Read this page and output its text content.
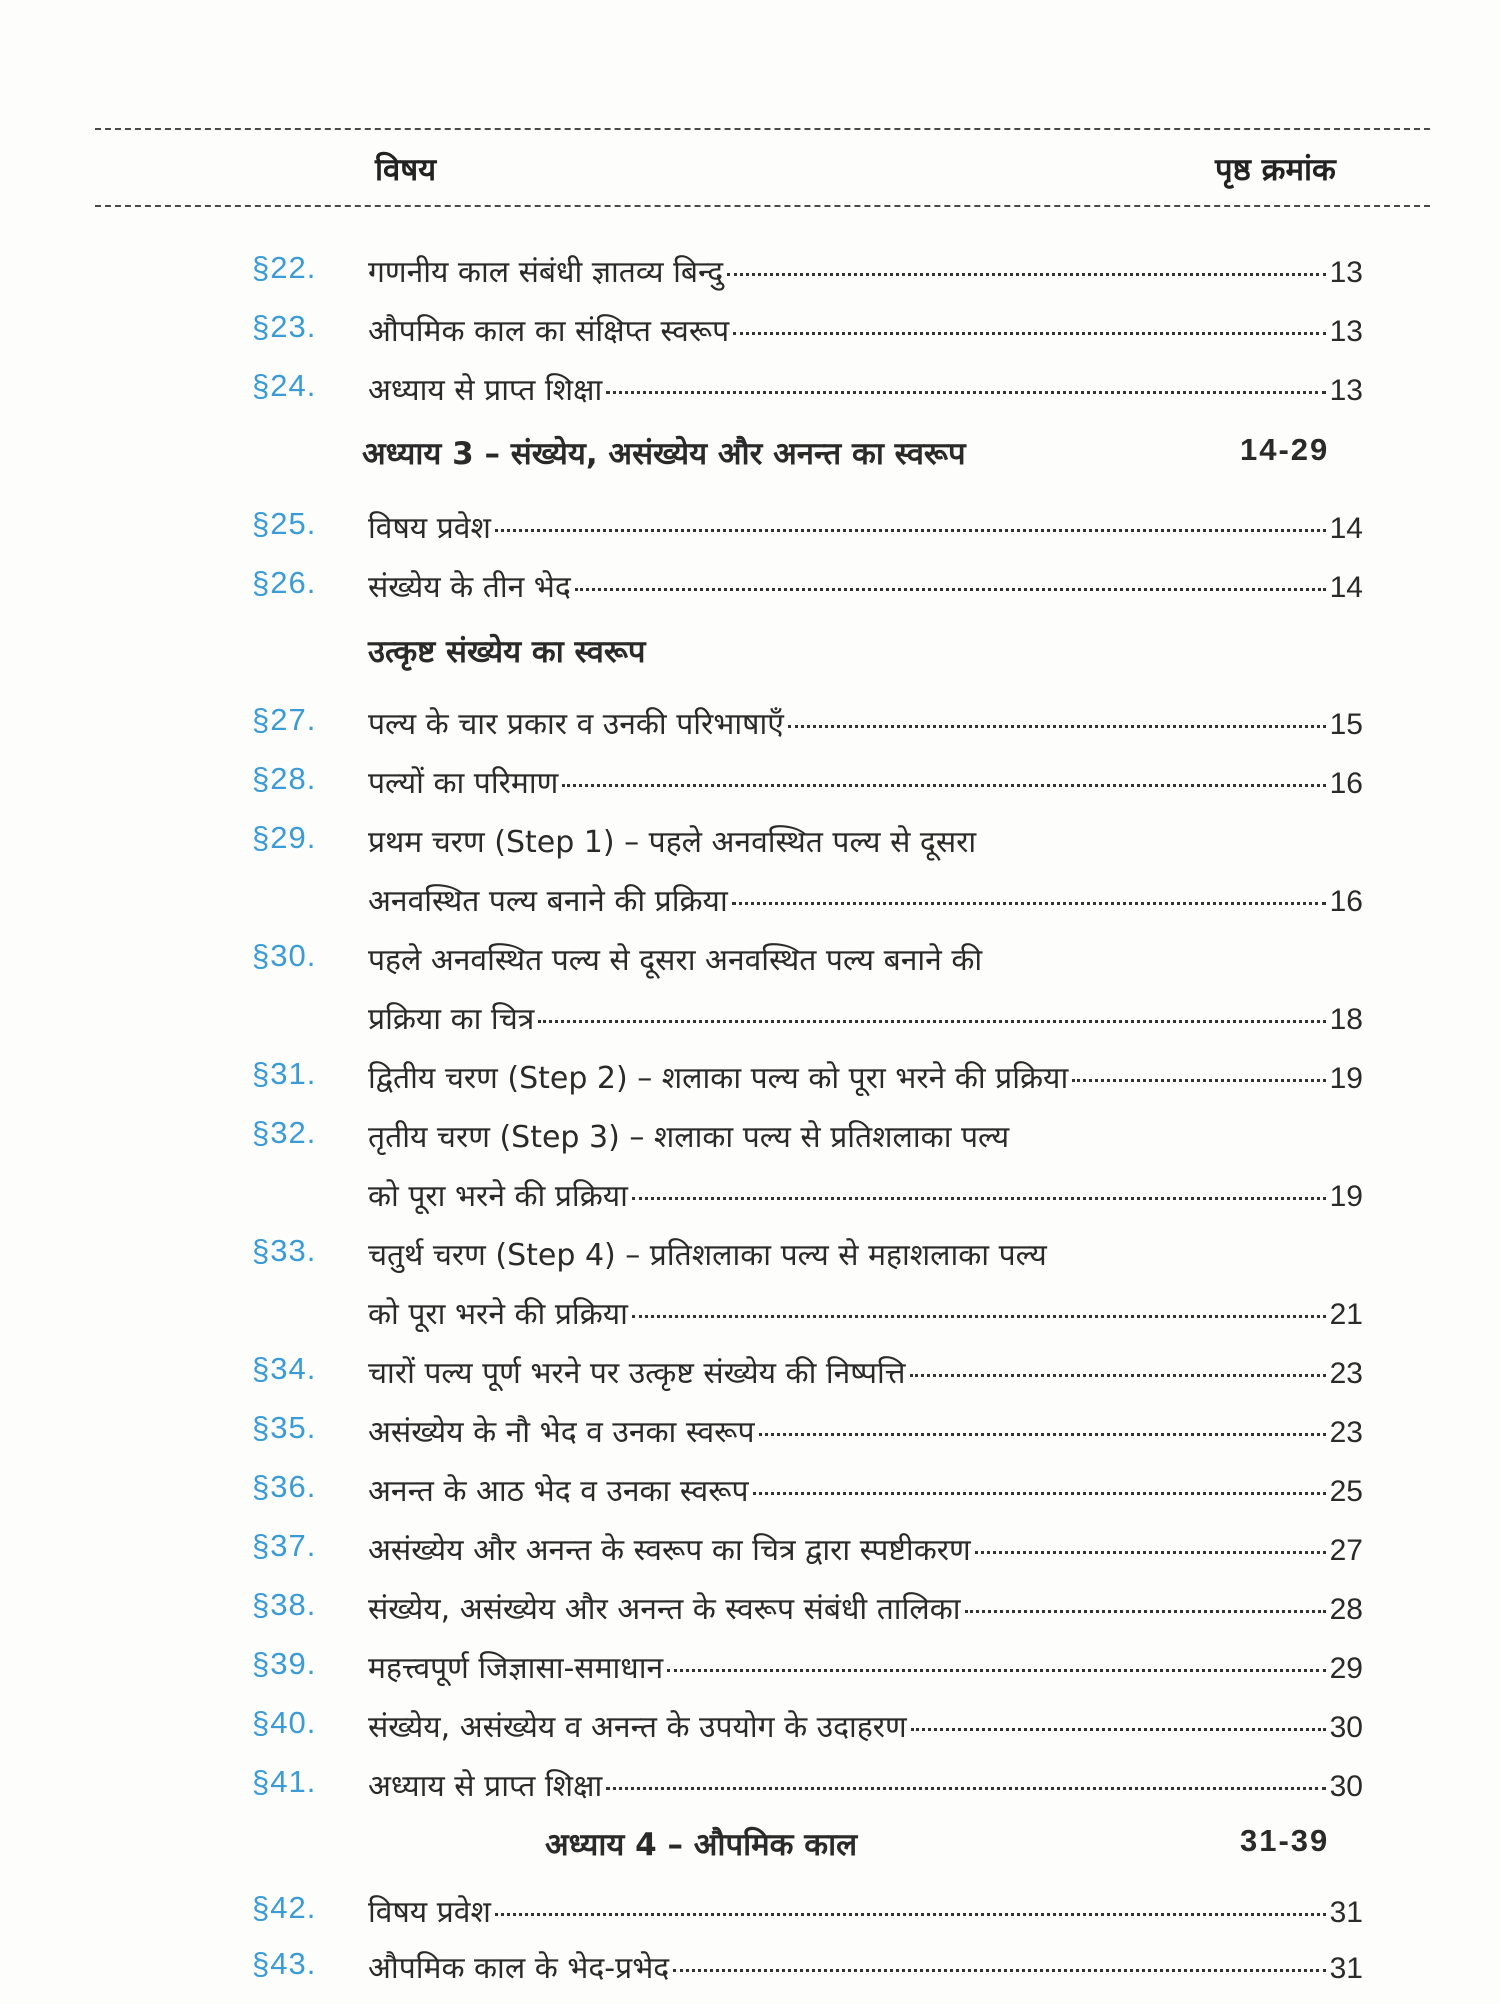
विषय	पृष्ठ क्रमांक
§22. गणनीय काल संबंधी ज्ञातव्य बिन्दु	13
§23. औपमिक काल का संक्षिप्त स्वरूप	13
§24. अध्याय से प्राप्त शिक्षा	13
अध्याय 3 – संख्येय, असंख्येय और अनन्त का स्वरूप	14-29
§25. विषय प्रवेश	14
§26. संख्येय के तीन भेद	14
उत्कृष्ट संख्येय का स्वरूप
§27. पल्य के चार प्रकार व उनकी परिभाषाएँ	15
§28. पल्यों का परिमाण	16
§29. प्रथम चरण (Step 1) – पहले अनवस्थित पल्य से दूसरा
अनवस्थित पल्य बनाने की प्रक्रिया	16
§30. पहले अनवस्थित पल्य से दूसरा अनवस्थित पल्य बनाने की
प्रक्रिया का चित्र	18
§31. द्वितीय चरण (Step 2) – शलाका पल्य को पूरा भरने की प्रक्रिया	19
§32. तृतीय चरण (Step 3) – शलाका पल्य से प्रतिशलाका पल्य
को पूरा भरने की प्रक्रिया	19
§33. चतुर्थ चरण (Step 4) – प्रतिशलाका पल्य से महाशलाका पल्य
को पूरा भरने की प्रक्रिया	21
§34. चारों पल्य पूर्ण भरने पर उत्कृष्ट संख्येय की निष्पत्ति	23
§35. असंख्येय के नौ भेद व उनका स्वरूप	23
§36. अनन्त के आठ भेद व उनका स्वरूप	25
§37. असंख्येय और अनन्त के स्वरूप का चित्र द्वारा स्पष्टीकरण	27
§38. संख्येय, असंख्येय और अनन्त के स्वरूप संबंधी तालिका	28
§39. महत्त्वपूर्ण जिज्ञासा-समाधान	29
§40. संख्येय, असंख्येय व अनन्त के उपयोग के उदाहरण	30
§41. अध्याय से प्राप्त शिक्षा	30
अध्याय 4 – औपमिक काल	31-39
§42. विषय प्रवेश	31
§43. औपमिक काल के भेद-प्रभेद	31
